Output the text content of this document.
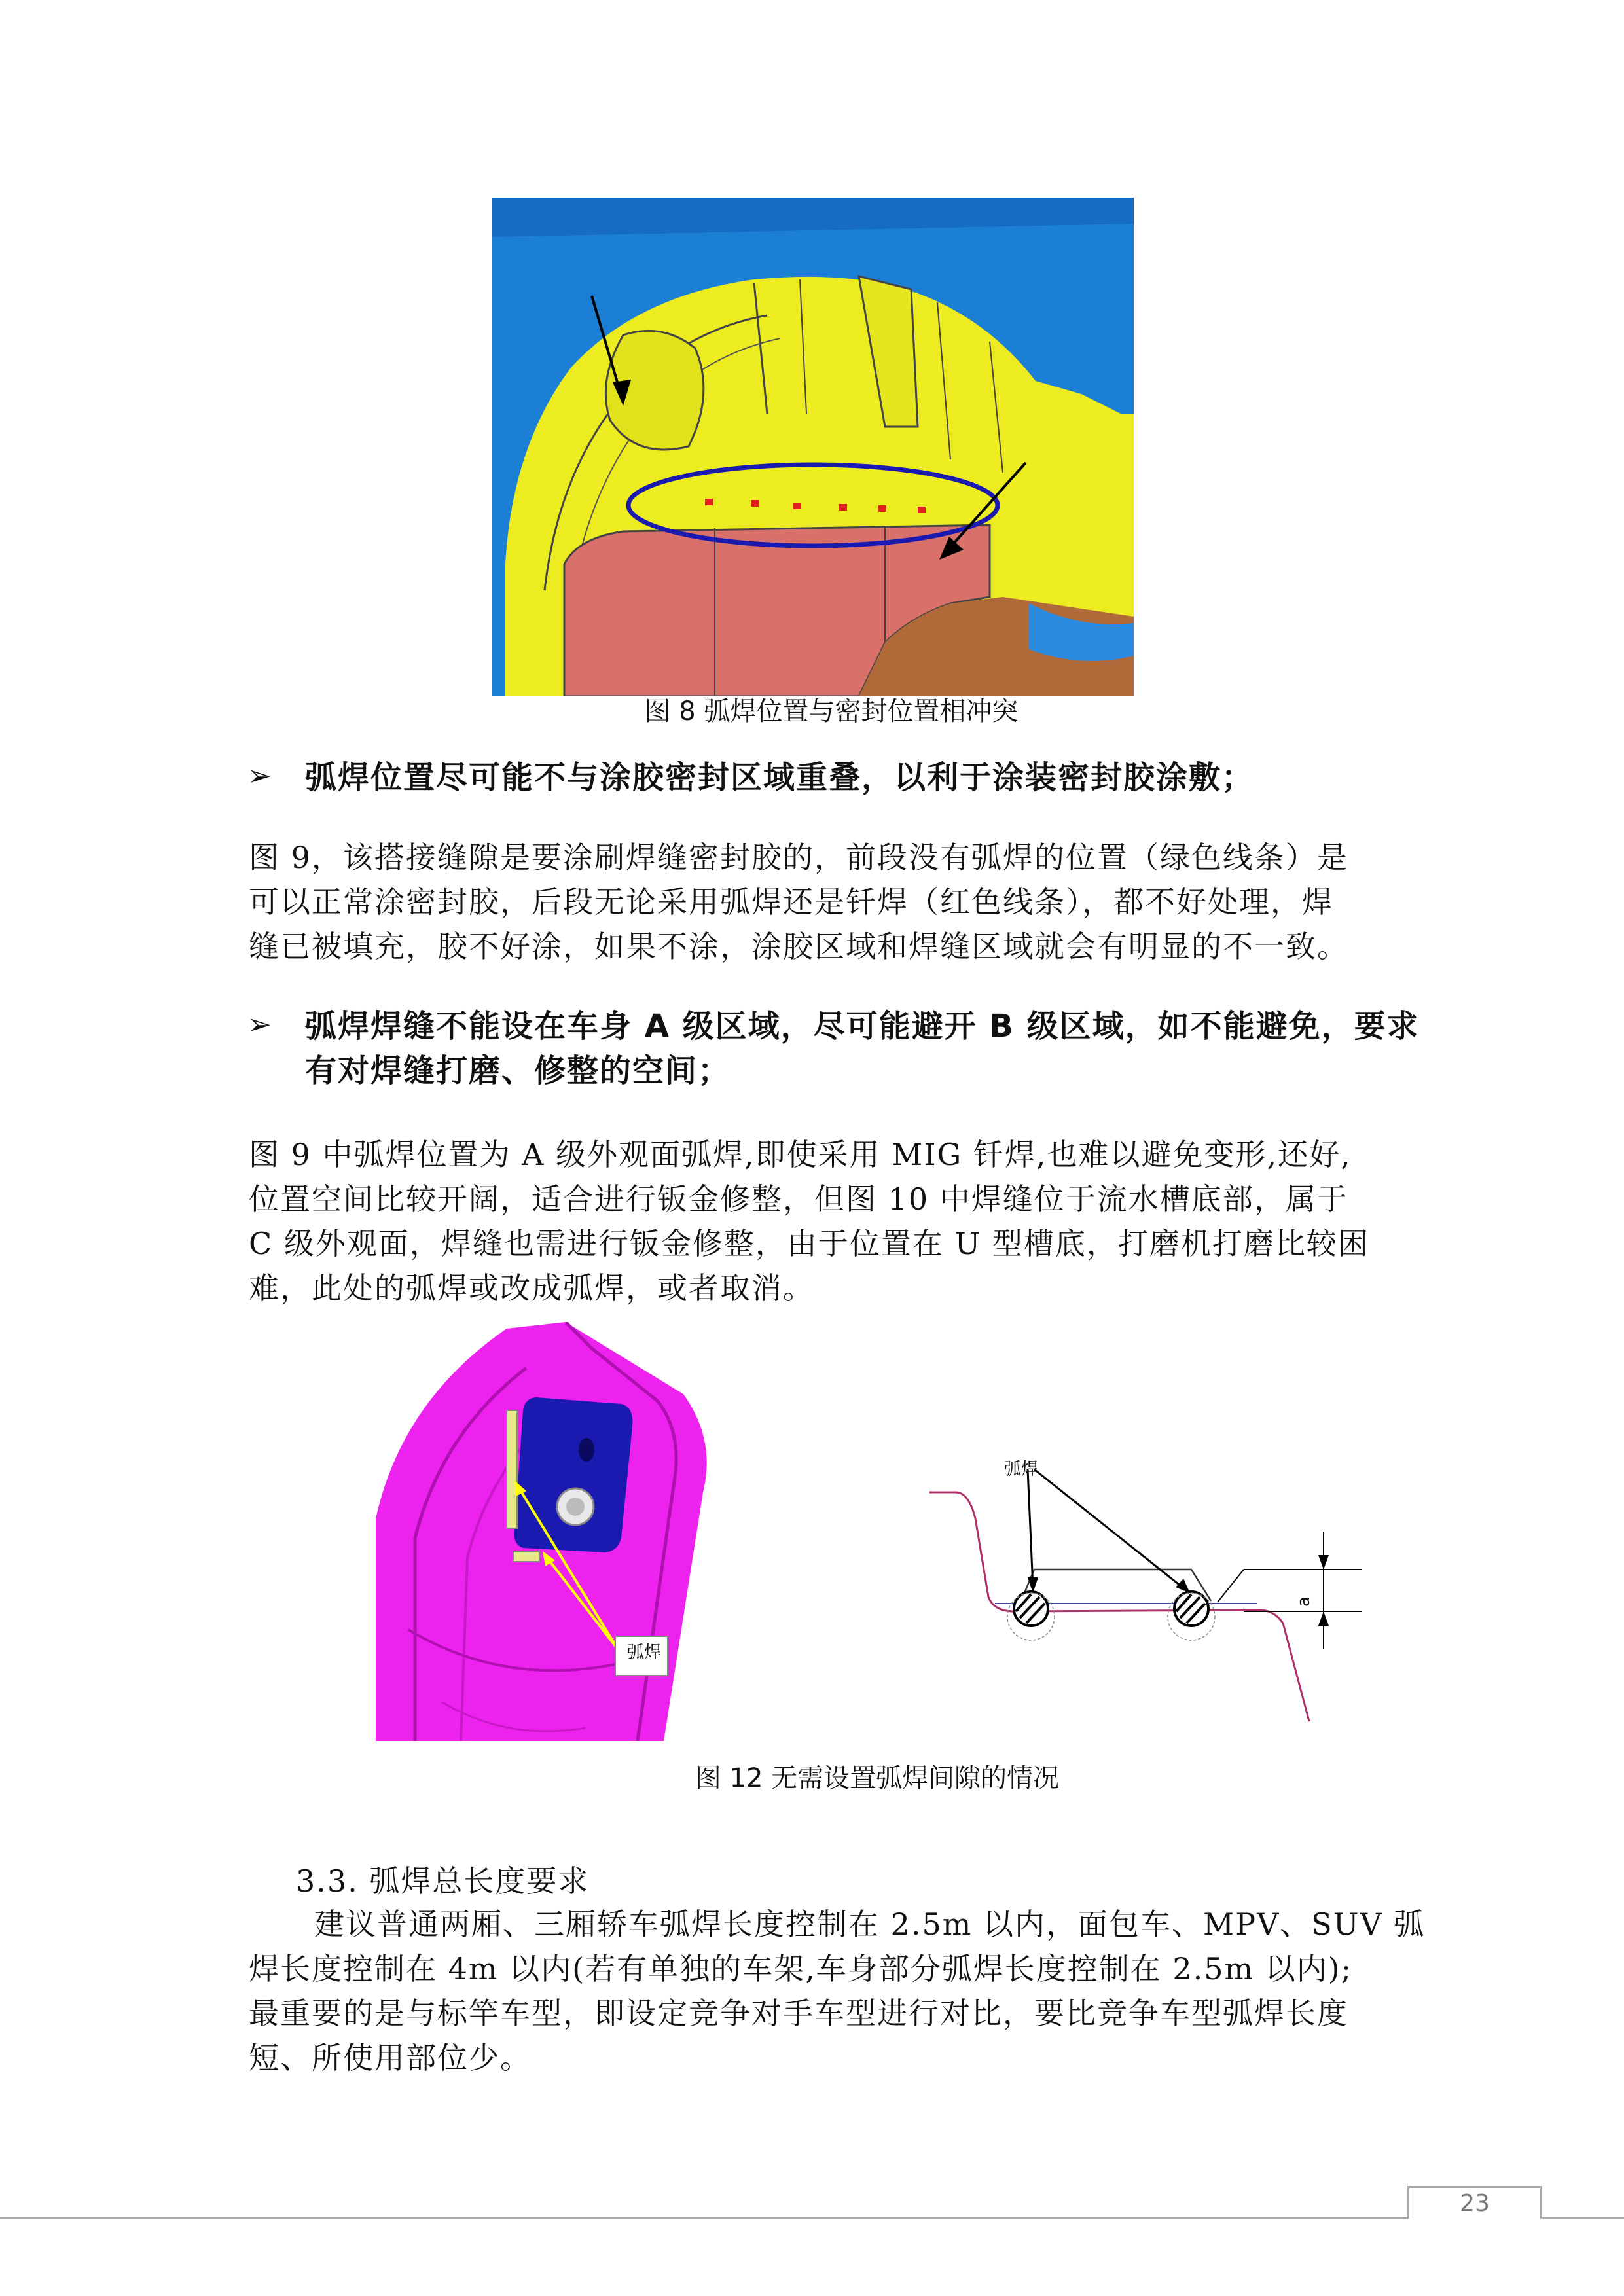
图 8 弧焊位置与密封位置相冲突
➢ 弧焊位置尽可能不与涂胶密封区域重叠，以利于涂装密封胶涂敷；
图 9，该搭接缝隙是要涂刷焊缝密封胶的，前段没有弧焊的位置（绿色线条）是
可以正常涂密封胶，后段无论采用弧焊还是钎焊（红色线条），都不好处理，焊
缝已被填充，胶不好涂，如果不涂，涂胶区域和焊缝区域就会有明显的不一致。
➢ 弧焊焊缝不能设在车身 A 级区域，尽可能避开 B 级区域，如不能避免，要求
有对焊缝打磨、修整的空间；
图 9 中弧焊位置为 A 级外观面弧焊,即使采用 MIG 钎焊,也难以避免变形,还好,
位置空间比较开阔，适合进行钣金修整，但图 10 中焊缝位于流水槽底部，属于
C 级外观面，焊缝也需进行钣金修整，由于位置在 U 型槽底，打磨机打磨比较困
难，此处的弧焊或改成弧焊，或者取消。
弧焊
弧焊
a
图 12 无需设置弧焊间隙的情况
3.3. 弧焊总长度要求
建议普通两厢、三厢轿车弧焊长度控制在 2.5m 以内，面包车、MPV、SUV 弧
焊长度控制在 4m 以内(若有单独的车架,车身部分弧焊长度控制在 2.5m 以内);
最重要的是与标竿车型，即设定竞争对手车型进行对比，要比竞争车型弧焊长度
短、所使用部位少。
23
